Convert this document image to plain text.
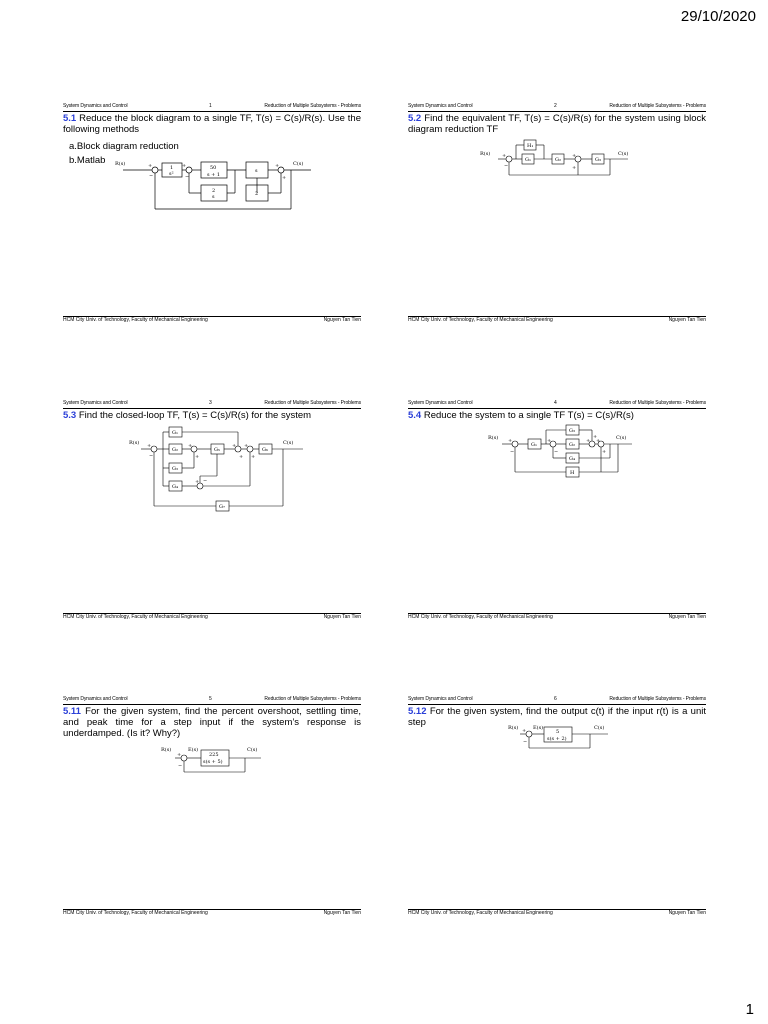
29/10/2020
System Dynamics and Control	1	Reduction of Multiple Subsystems - Problems
5.1 Reduce the block diagram to a single TF, T(s) = C(s)/R(s). Use the following methods
a.Block diagram reduction
b.Matlab R(s)	C(s)
1
s²
50
s + 1
s
2
s	2
+
−
+
−
+
+
HCM City Univ. of Technology, Faculty of Mechanical Engineering	Nguyen Tan Tien
System Dynamics and Control	2	Reduction of Multiple Subsystems - Problems
5.2 Find the equivalent TF, T(s) = C(s)/R(s) for the system using block diagram reduction TF
R(s)	C(s)
H₁
G₁	G₂	G₃
+
−
+
+
HCM City Univ. of Technology, Faculty of Mechanical Engineering	Nguyen Tan Tien
System Dynamics and Control	3	Reduction of Multiple Subsystems - Problems
5.3 Find the closed-loop TF, T(s) = C(s)/R(s) for the system
R(s)	C(s)
G₁
G₂
G₃
G₄
G₅	G₆
G₇
+
−
+
+
+
+
+
+
+ −
HCM City Univ. of Technology, Faculty of Mechanical Engineering	Nguyen Tan Tien
System Dynamics and Control	4	Reduction of Multiple Subsystems - Problems
5.4 Reduce the system to a single TF T(s) = C(s)/R(s)
R(s)	C(s)
G₁	G₂
G₃
G₄
H
+
−
+
−
+
+
+
+
HCM City Univ. of Technology, Faculty of Mechanical Engineering	Nguyen Tan Tien
System Dynamics and Control	5	Reduction of Multiple Subsystems - Problems
5.11 For the given system, find the percent overshoot, settling time, and peak time for a step input if the system’s response is underdamped. (Is it? Why?)
R(s)	E(s)	C(s)
225
s(s + 5)
+
−
HCM City Univ. of Technology, Faculty of Mechanical Engineering	Nguyen Tan Tien
System Dynamics and Control	6	Reduction of Multiple Subsystems - Problems
5.12 For the given system, find the output c(t) if the input r(t) is a unit step	R(s)	E(s)	C(s)
5
s(s + 2)
+
−
HCM City Univ. of Technology, Faculty of Mechanical Engineering	Nguyen Tan Tien
1
